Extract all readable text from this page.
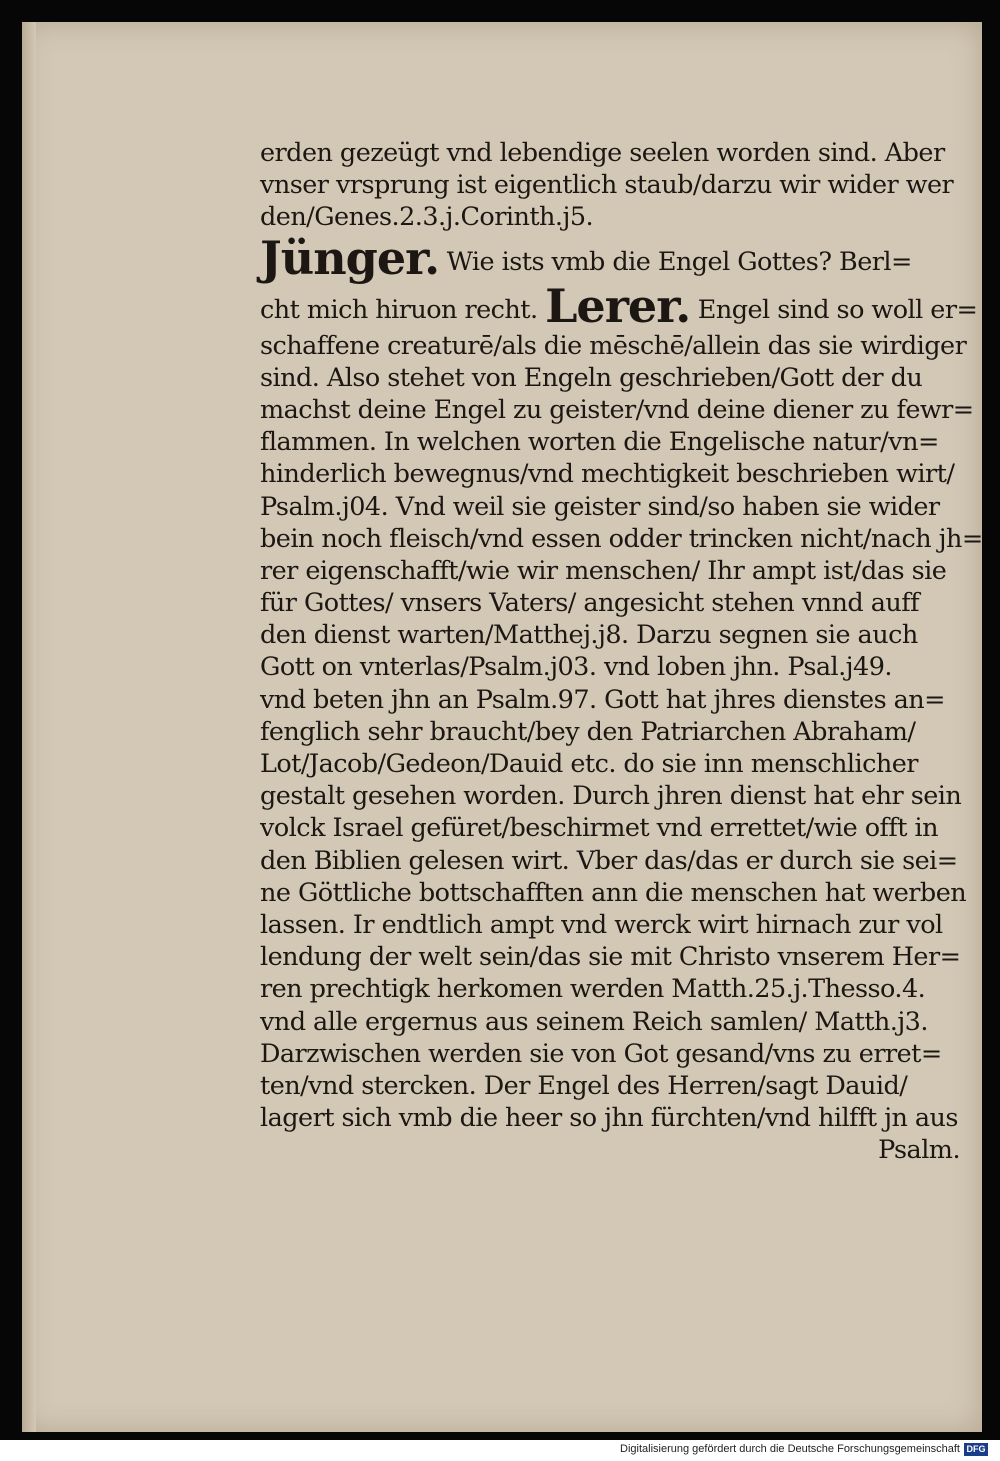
erden gezeügt vnd lebendige seelen worden sind. Aber
vnser vrsprung ist eigentlich staub/darzu wir wider wer
den/Genes.2.3.j.Corinth.j5.
Jünger. Wie ists vmb die Engel Gottes? Berl=
cht mich hiruon recht. Lerer. Engel sind so woll er=
schaffene creaturē/als die mēschē/allein das sie wirdiger
sind. Also stehet von Engeln geschrieben/Gott der du
machst deine Engel zu geister/vnd deine diener zu fewr=
flammen. In welchen worten die Engelische natur/vn=
hinderlich bewegnus/vnd mechtigkeit beschrieben wirt/
Psalm.j04. Vnd weil sie geister sind/so haben sie wider
bein noch fleisch/vnd essen odder trincken nicht/nach jh=
rer eigenschafft/wie wir menschen/ Ihr ampt ist/das sie
für Gottes/ vnsers Vaters/ angesicht stehen vnnd auff
den dienst warten/Matthej.j8. Darzu segnen sie auch
Gott on vnterlas/Psalm.j03. vnd loben jhn. Psal.j49.
vnd beten jhn an Psalm.97. Gott hat jhres dienstes an=
fenglich sehr braucht/bey den Patriarchen Abraham/
Lot/Jacob/Gedeon/Dauid etc. do sie inn menschlicher
gestalt gesehen worden. Durch jhren dienst hat ehr sein
volck Israel gefüret/beschirmet vnd errettet/wie offt in
den Biblien gelesen wirt. Vber das/das er durch sie sei=
ne Göttliche bottschafften ann die menschen hat werben
lassen. Ir endtlich ampt vnd werck wirt hirnach zur vol
lendung der welt sein/das sie mit Christo vnserem Her=
ren prechtigk herkomen werden Matth.25.j.Thesso.4.
vnd alle ergernus aus seinem Reich samlen/ Matth.j3.
Darzwischen werden sie von Got gesand/vns zu erret=
ten/vnd stercken. Der Engel des Herren/sagt Dauid/
lagert sich vmb die heer so jhn fürchten/vnd hilfft jn aus
Psalm.
Digitalisierung gefördert durch die Deutsche Forschungsgemeinschaft DFG
